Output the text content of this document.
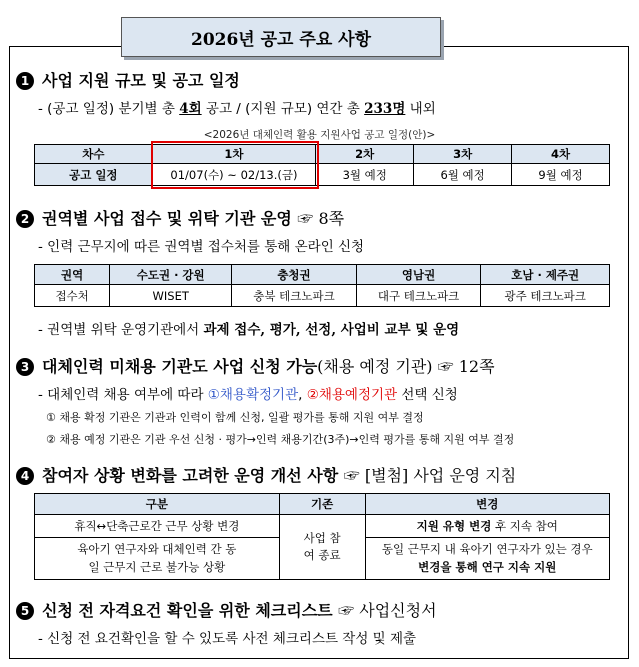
2026년 공고 주요 사항
1 사업 지원 규모 및 공고 일정
- (공고 일정) 분기별 총 4회 공고 / (지원 규모) 연간 총 233명 내외
<2026년 대체인력 활용 지원사업 공고 일정(안)>
차수	1차	2차	3차	4차
공고 일정	01/07(수) ~ 02/13.(금)	3월 예정	6월 예정	9월 예정
2 권역별 사업 접수 및 위탁 기관 운영 ☞ 8쪽
- 인력 근무지에 따른 권역별 접수처를 통해 온라인 신청
권역	수도권 · 강원	충청권	영남권	호남 · 제주권
접수처	WISET	충북 테크노파크	대구 테크노파크	광주 테크노파크
- 권역별 위탁 운영기관에서 과제 접수, 평가, 선정, 사업비 교부 및 운영
3 대체인력 미채용 기관도 사업 신청 가능(채용 예정 기관) ☞ 12쪽
- 대체인력 채용 여부에 따라 ①채용확정기관, ②채용예정기관 선택 신청
① 채용 확정 기관은 기관과 인력이 함께 신청, 일괄 평가를 통해 지원 여부 결정
② 채용 예정 기관은 기관 우선 신청 · 평가→인력 채용기간(3주)→인력 평가를 통해 지원 여부 결정
4 참여자 상황 변화를 고려한 운영 개선 사항 ☞ [별첨] 사업 운영 지침
구분	기존	변경
휴직↔단축근로간 근무 상황 변경	사업 참여 종료	지원 유형 변경 후 지속 참여

육아기 연구자와 대체인력 간 동일 근무지 근로 불가능 상황		동일 근무지 내 육아기 연구자가 있는 경우 변경을 통해 연구 지속 지원
5 신청 전 자격요건 확인을 위한 체크리스트 ☞ 사업신청서
- 신청 전 요건확인을 할 수 있도록 사전 체크리스트 작성 및 제출
